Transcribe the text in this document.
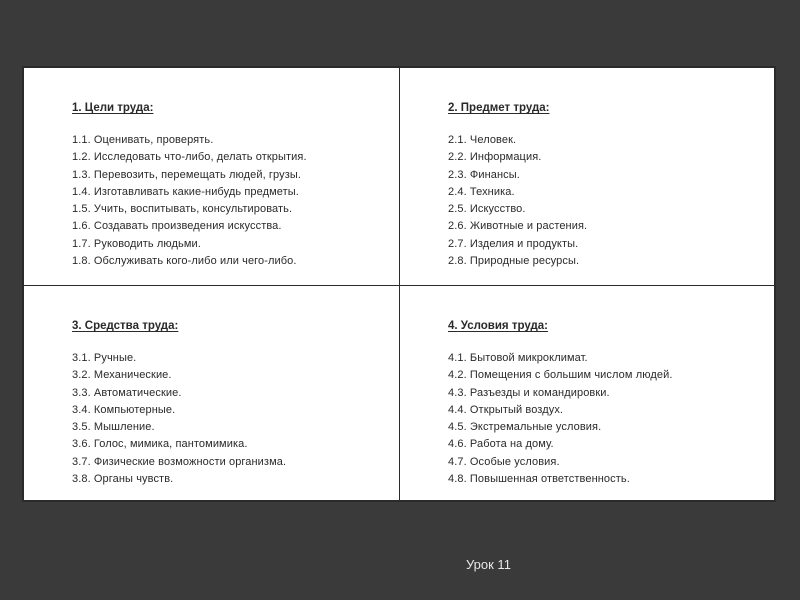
1. Цели труда:
1.1. Оценивать, проверять.
1.2. Исследовать что-либо, делать открытия.
1.3. Перевозить, перемещать людей, грузы.
1.4. Изготавливать какие-нибудь предметы.
1.5. Учить, воспитывать, консультировать.
1.6. Создавать произведения искусства.
1.7. Руководить людьми.
1.8. Обслуживать кого-либо или чего-либо.
2. Предмет труда:
2.1. Человек.
2.2. Информация.
2.3. Финансы.
2.4. Техника.
2.5. Искусство.
2.6. Животные и растения.
2.7. Изделия и продукты.
2.8. Природные ресурсы.
3. Средства труда:
3.1. Ручные.
3.2. Механические.
3.3. Автоматические.
3.4. Компьютерные.
3.5. Мышление.
3.6. Голос, мимика, пантомимика.
3.7. Физические возможности организма.
3.8. Органы чувств.
4. Условия труда:
4.1. Бытовой микроклимат.
4.2. Помещения с большим числом людей.
4.3. Разъезды и командировки.
4.4. Открытый воздух.
4.5. Экстремальные условия.
4.6. Работа на дому.
4.7. Особые условия.
4.8. Повышенная ответственность.
Урок 11
